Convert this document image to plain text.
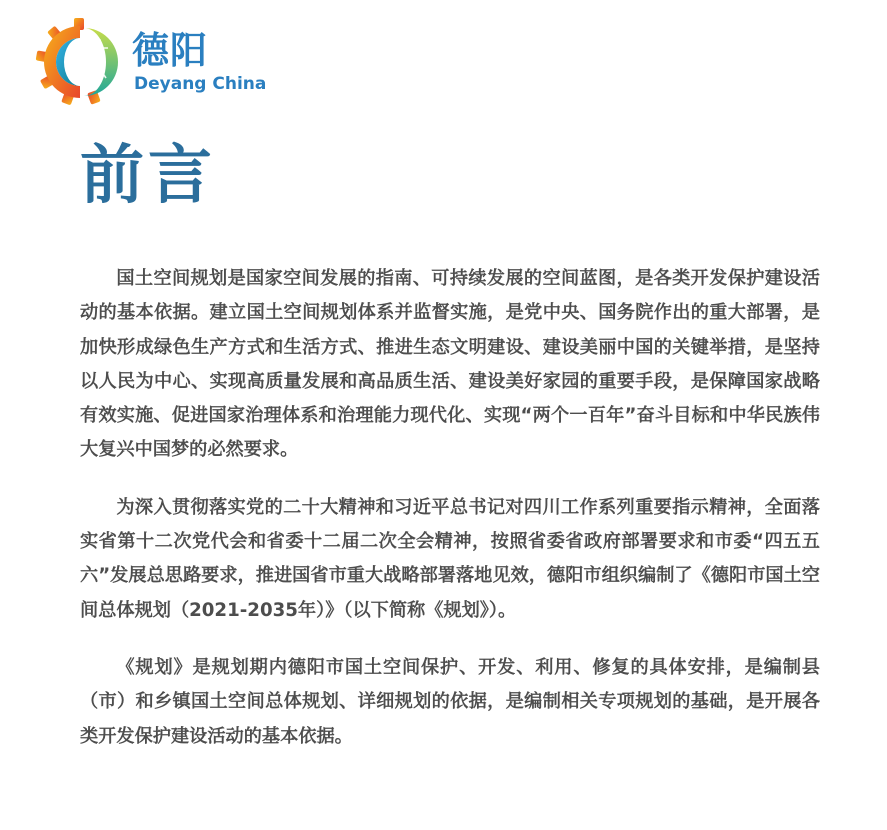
德阳
Deyang China
前言

国土空间规划是国家空间发展的指南、可持续发展的空间蓝图，是各类开发保护建设活动的基本依据。建立国土空间规划体系并监督实施，是党中央、国务院作出的重大部署，是加快形成绿色生产方式和生活方式、推进生态文明建设、建设美丽中国的关键举措，是坚持以人民为中心、实现高质量发展和高品质生活、建设美好家园的重要手段，是保障国家战略有效实施、促进国家治理体系和治理能力现代化、实现“两个一百年”奋斗目标和中华民族伟大复兴中国梦的必然要求。

为深入贯彻落实党的二十大精神和习近平总书记对四川工作系列重要指示精神，全面落实省第十二次党代会和省委十二届二次全会精神，按照省委省政府部署要求和市委“四五五六”发展总思路要求，推进国省市重大战略部署落地见效，德阳市组织编制了《德阳市国土空间总体规划（2021-2035年）》（以下简称《规划》）。

《规划》是规划期内德阳市国土空间保护、开发、利用、修复的具体安排，是编制县（市）和乡镇国土空间总体规划、详细规划的依据，是编制相关专项规划的基础，是开展各类开发保护建设活动的基本依据。
